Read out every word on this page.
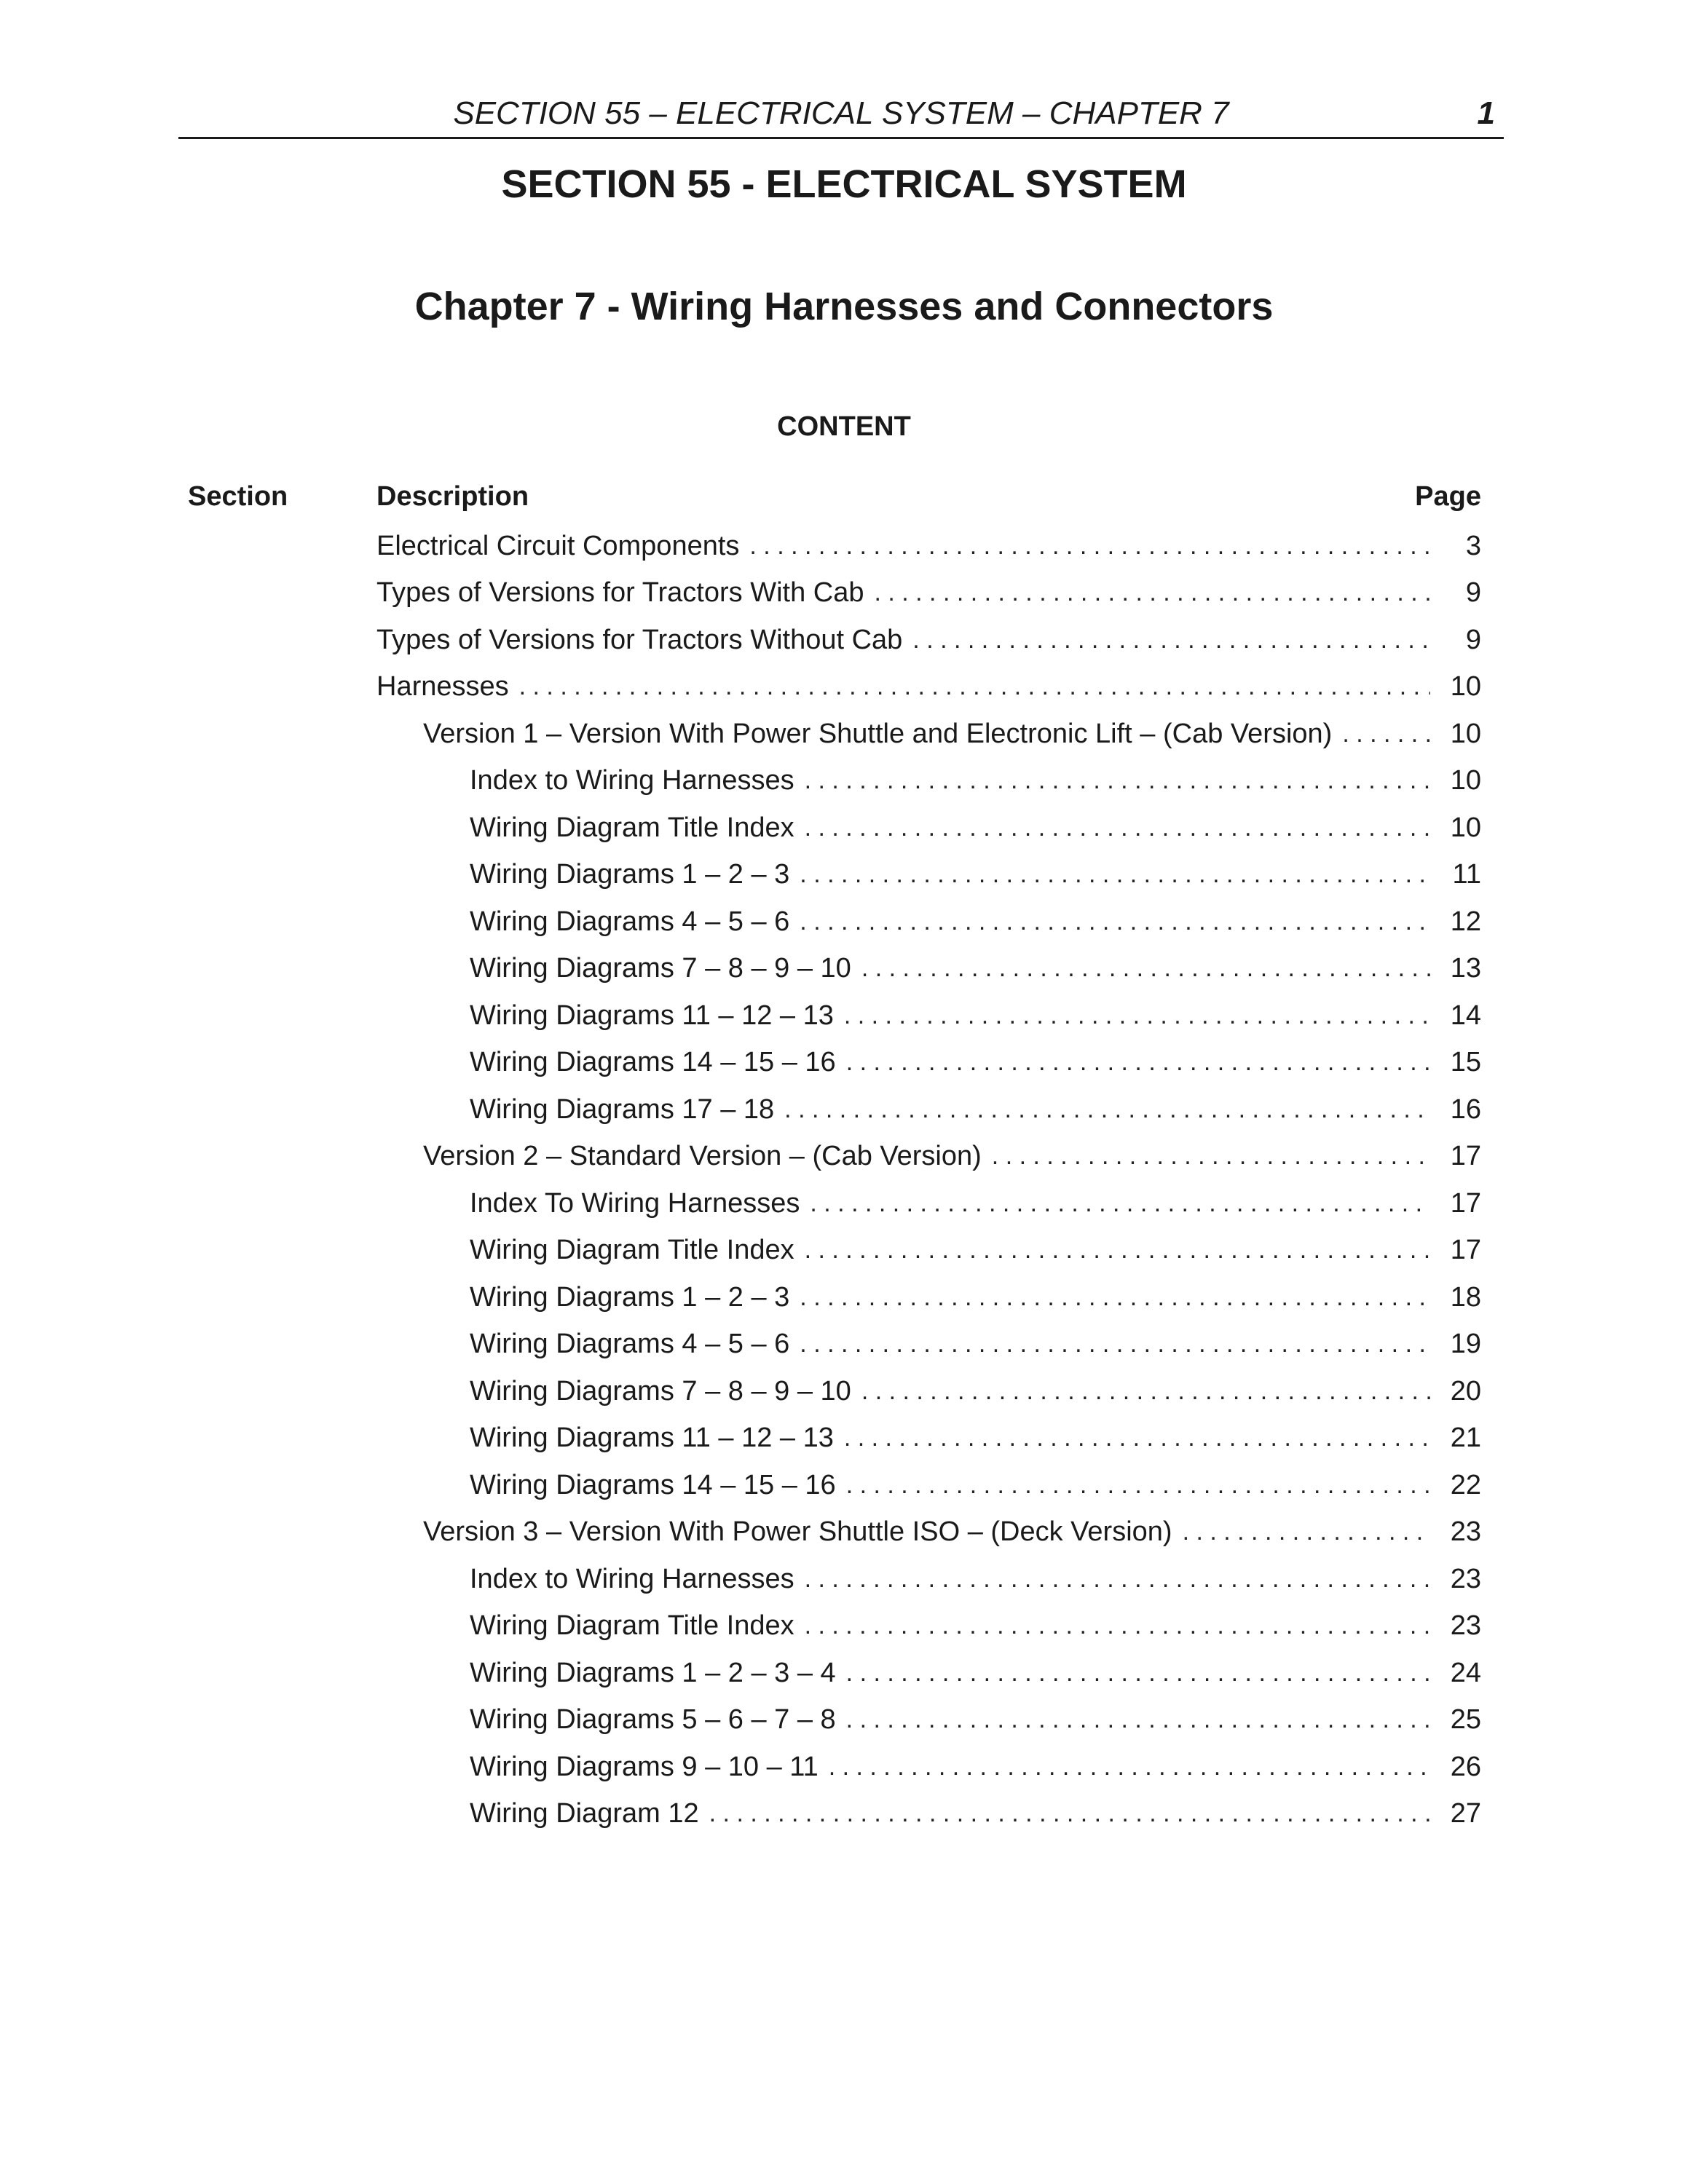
SECTION 55 – ELECTRICAL SYSTEM – CHAPTER 7	1
SECTION 55 - ELECTRICAL SYSTEM
Chapter 7 - Wiring Harnesses and Connectors
CONTENT
Section	Description	Page
Electrical Circuit Components . . .	3
Types of Versions for Tractors With Cab . . .	9
Types of Versions for Tractors Without Cab . . .	9
Harnesses . . .	10
Version 1 – Version With Power Shuttle and Electronic Lift – (Cab Version) . . .	10
Index to Wiring Harnesses . . .	10
Wiring Diagram Title Index . . .	10
Wiring Diagrams 1 – 2 – 3 . . .	11
Wiring Diagrams 4 – 5 – 6 . . .	12
Wiring Diagrams 7 – 8 – 9 – 10 . . .	13
Wiring Diagrams 11 – 12 – 13 . . .	14
Wiring Diagrams 14 – 15 – 16 . . .	15
Wiring Diagrams 17 – 18 . . .	16
Version 2 – Standard Version – (Cab Version) . . .	17
Index To Wiring Harnesses . . .	17
Wiring Diagram Title Index . . .	17
Wiring Diagrams 1 – 2 – 3 . . .	18
Wiring Diagrams 4 – 5 – 6 . . .	19
Wiring Diagrams 7 – 8 – 9 – 10 . . .	20
Wiring Diagrams 11 – 12 – 13 . . .	21
Wiring Diagrams 14 – 15 – 16 . . .	22
Version 3 – Version With Power Shuttle ISO – (Deck Version) . . .	23
Index to Wiring Harnesses . . .	23
Wiring Diagram Title Index . . .	23
Wiring Diagrams 1 – 2 – 3 – 4 . . .	24
Wiring Diagrams 5 – 6 – 7 – 8 . . .	25
Wiring Diagrams 9 – 10 – 11 . . .	26
Wiring Diagram 12 . . .	27
